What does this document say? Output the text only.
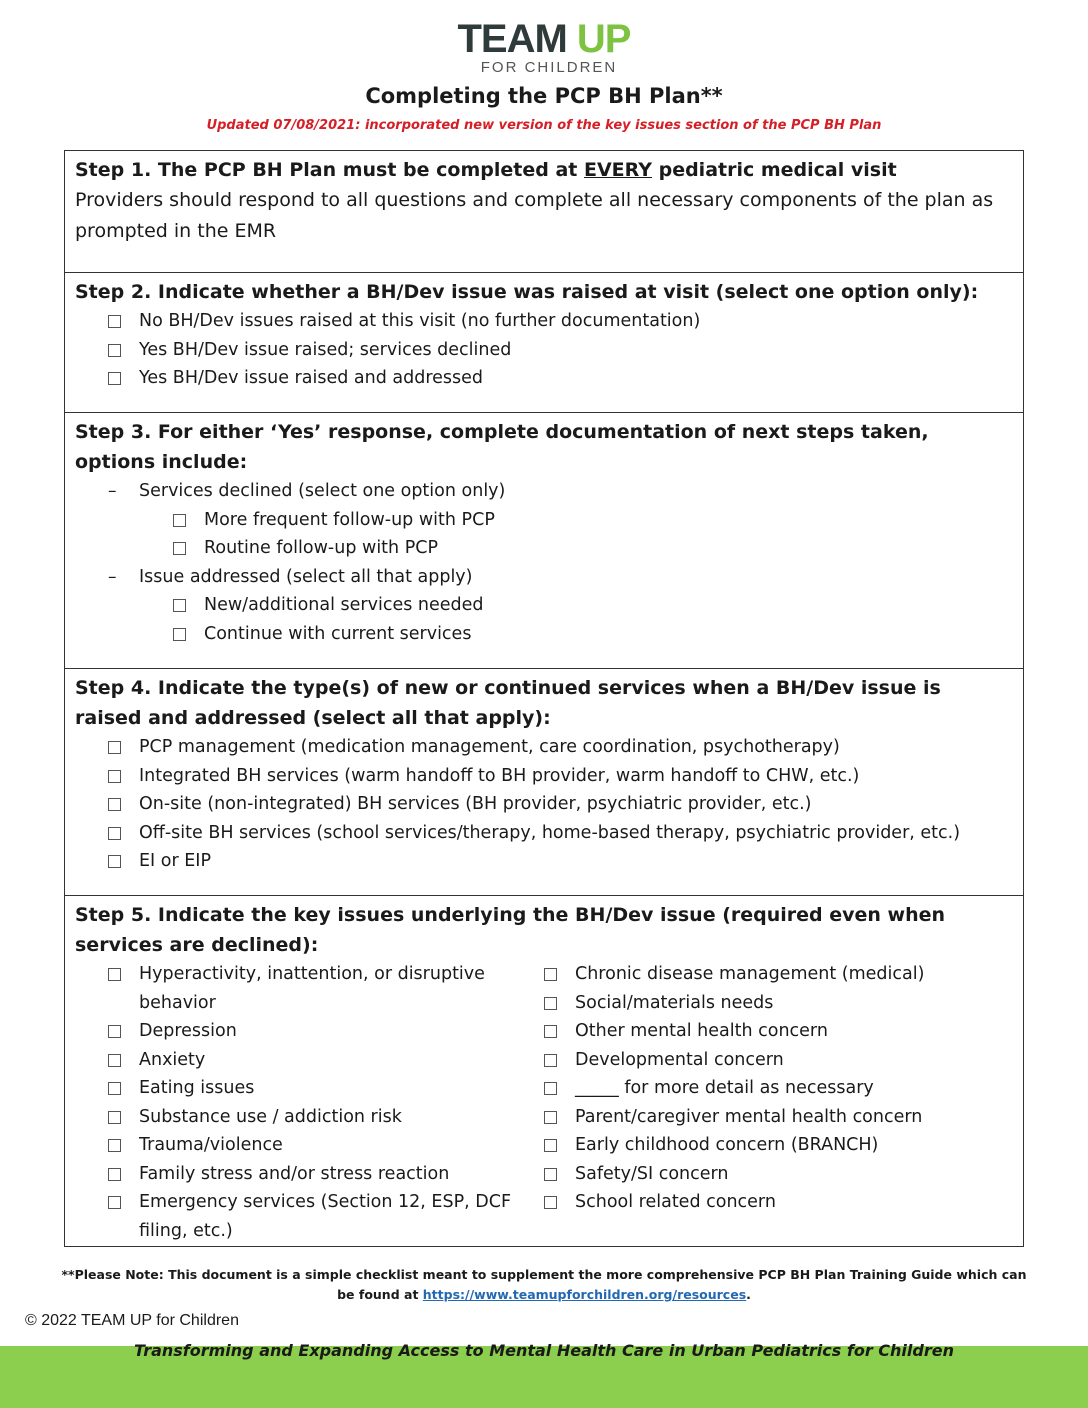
TEAM UP
FOR CHILDREN
Completing the PCP BH Plan**
Updated 07/08/2021: incorporated new version of the key issues section of the PCP BH Plan
Step 1. The PCP BH Plan must be completed at EVERY pediatric medical visit
Providers should respond to all questions and complete all necessary components of the plan as prompted in the EMR
Step 2. Indicate whether a BH/Dev issue was raised at visit (select one option only):
No BH/Dev issues raised at this visit (no further documentation)
Yes BH/Dev issue raised; services declined
Yes BH/Dev issue raised and addressed
Step 3. For either ‘Yes’ response, complete documentation of next steps taken, options include:
– Services declined (select one option only)
More frequent follow-up with PCP
Routine follow-up with PCP
– Issue addressed (select all that apply)
New/additional services needed
Continue with current services
Step 4. Indicate the type(s) of new or continued services when a BH/Dev issue is raised and addressed (select all that apply):
PCP management (medication management, care coordination, psychotherapy)
Integrated BH services (warm handoff to BH provider, warm handoff to CHW, etc.)
On-site (non-integrated) BH services (BH provider, psychiatric provider, etc.)
Off-site BH services (school services/therapy, home-based therapy, psychiatric provider, etc.)
EI or EIP
Step 5. Indicate the key issues underlying the BH/Dev issue (required even when services are declined):
Hyperactivity, inattention, or disruptive behavior
Depression
Anxiety
Eating issues
Substance use / addiction risk
Trauma/violence
Family stress and/or stress reaction
Emergency services (Section 12, ESP, DCF filing, etc.)
Chronic disease management (medical)
Social/materials needs
Other mental health concern
Developmental concern
_____ for more detail as necessary
Parent/caregiver mental health concern
Early childhood concern (BRANCH)
Safety/SI concern
School related concern
**Please Note: This document is a simple checklist meant to supplement the more comprehensive PCP BH Plan Training Guide which can be found at https://www.teamupforchildren.org/resources.
© 2022 TEAM UP for Children
Transforming and Expanding Access to Mental Health Care in Urban Pediatrics for Children
